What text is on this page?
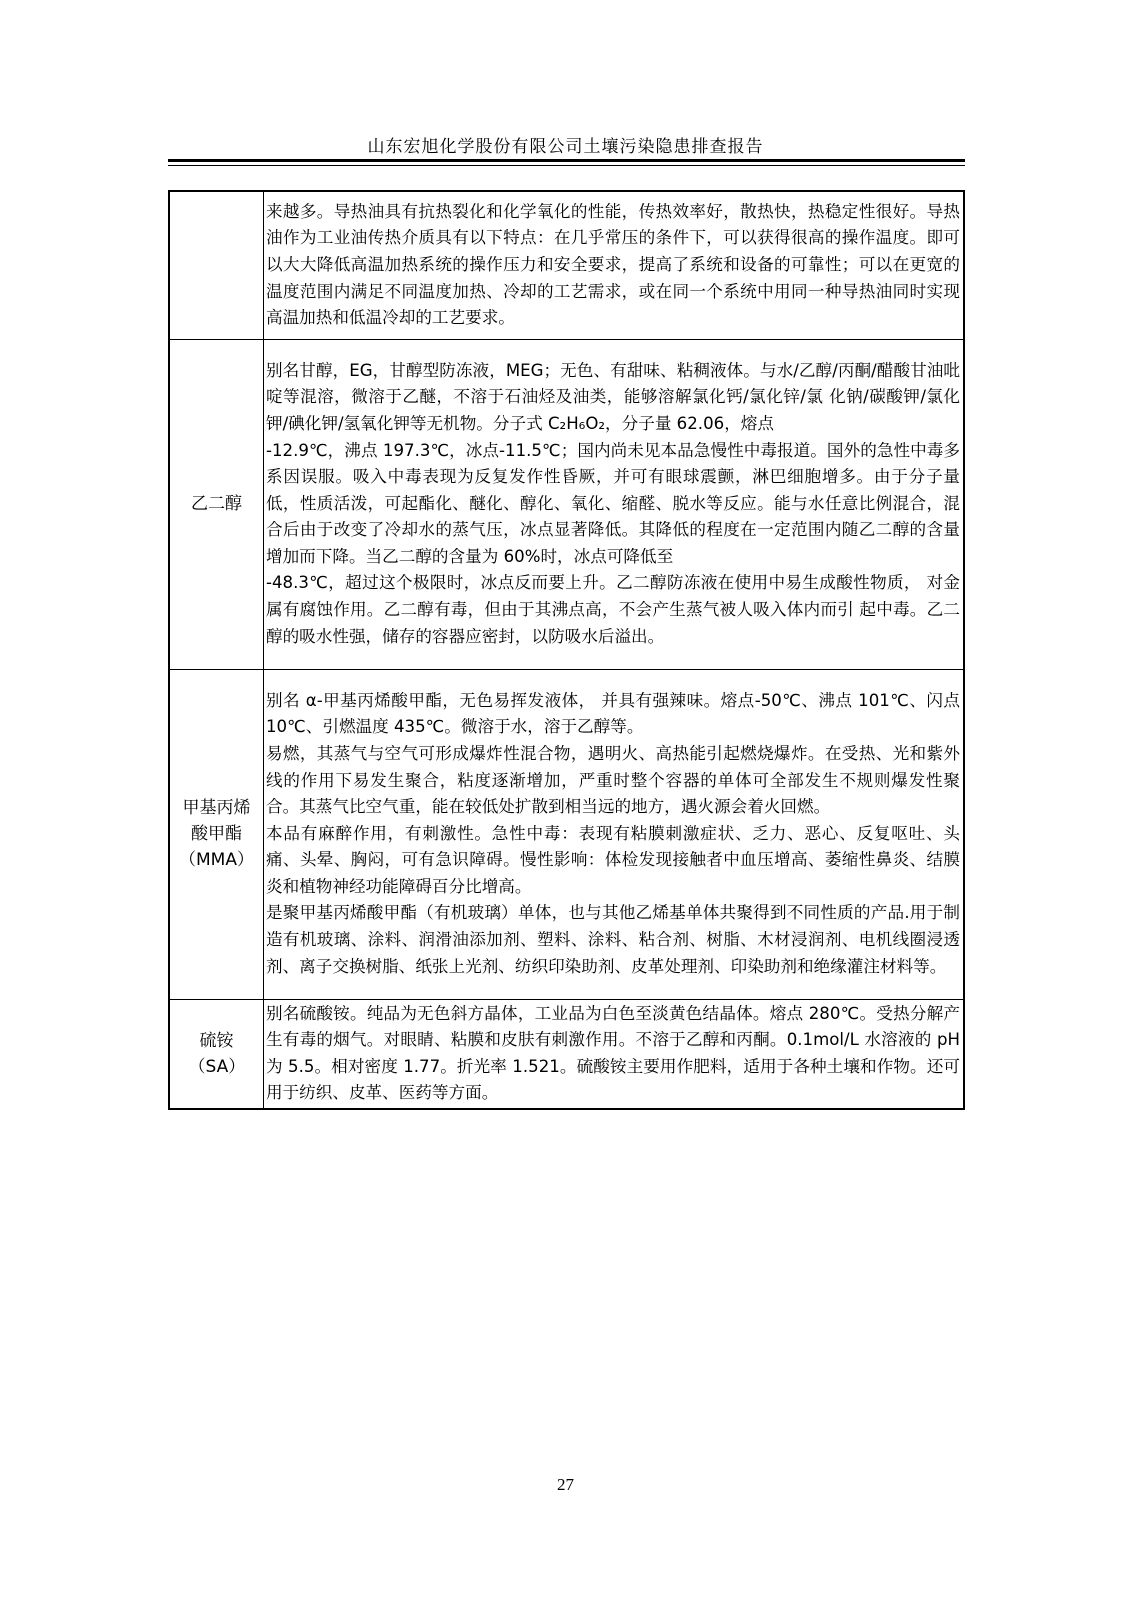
山东宏旭化学股份有限公司土壤污染隐患排查报告

	来越多。导热油具有抗热裂化和化学氧化的性能，传热效率好，散热快，热稳定性很好。导热油作为工业油传热介质具有以下特点：在几乎常压的条件下，可以获得很高的操作温度。即可以大大降低高温加热系统的操作压力和安全要求，提高了系统和设备的可靠性；可以在更宽的温度范围内满足不同温度加热、冷却的工艺需求，或在同一个系统中用同一种导热油同时实现高温加热和低温冷却的工艺要求。

乙二醇	别名甘醇，EG，甘醇型防冻液，MEG；无色、有甜味、粘稠液体。与水/乙醇/丙酮/醋酸甘油吡啶等混溶，微溶于乙醚，不溶于石油烃及油类，能够溶解氯化钙/氯化锌/氯 化钠/碳酸钾/氯化钾/碘化钾/氢氧化钾等无机物。分子式 C₂H₆O₂，分子量 62.06，熔点

-12.9℃，沸点 197.3℃，冰点-11.5℃；国内尚未见本品急慢性中毒报道。国外的急性中毒多系因误服。吸入中毒表现为反复发作性昏厥，并可有眼球震颤，淋巴细胞增多。由于分子量低，性质活泼，可起酯化、醚化、醇化、氧化、缩醛、脱水等反应。能与水任意比例混合，混合后由于改变了冷却水的蒸气压，冰点显著降低。其降低的程度在一定范围内随乙二醇的含量增加而下降。当乙二醇的含量为 60%时，冰点可降低至

-48.3℃，超过这个极限时，冰点反而要上升。乙二醇防冻液在使用中易生成酸性物质， 对金属有腐蚀作用。乙二醇有毒，但由于其沸点高，不会产生蒸气被人吸入体内而引 起中毒。乙二醇的吸水性强，储存的容器应密封，以防吸水后溢出。

甲基丙烯酸甲酯（MMA）	别名 α-甲基丙烯酸甲酯，无色易挥发液体， 并具有强辣味。熔点-50℃、沸点 101℃、闪点 10℃、引燃温度 435℃。微溶于水，溶于乙醇等。

易燃，其蒸气与空气可形成爆炸性混合物，遇明火、高热能引起燃烧爆炸。在受热、光和紫外线的作用下易发生聚合，粘度逐渐增加，严重时整个容器的单体可全部发生不规则爆发性聚合。其蒸气比空气重，能在较低处扩散到相当远的地方，遇火源会着火回燃。

本品有麻醉作用，有刺激性。急性中毒：表现有粘膜刺激症状、乏力、恶心、反复呕吐、头痛、头晕、胸闷，可有急识障碍。慢性影响：体检发现接触者中血压增高、萎缩性鼻炎、结膜炎和植物神经功能障碍百分比增高。

是聚甲基丙烯酸甲酯（有机玻璃）单体，也与其他乙烯基单体共聚得到不同性质的产品.用于制造有机玻璃、涂料、润滑油添加剂、塑料、涂料、粘合剂、树脂、木材浸润剂、电机线圈浸透剂、离子交换树脂、纸张上光剂、纺织印染助剂、皮革处理剂、印染助剂和绝缘灌注材料等。

硫铵（SA）	别名硫酸铵。纯品为无色斜方晶体，工业品为白色至淡黄色结晶体。熔点 280℃。受热分解产生有毒的烟气。对眼睛、粘膜和皮肤有刺激作用。不溶于乙醇和丙酮。0.1mol/L 水溶液的 pH 为 5.5。相对密度 1.77。折光率 1.521。硫酸铵主要用作肥料，适用于各种土壤和作物。还可用于纺织、皮革、医药等方面。

27
